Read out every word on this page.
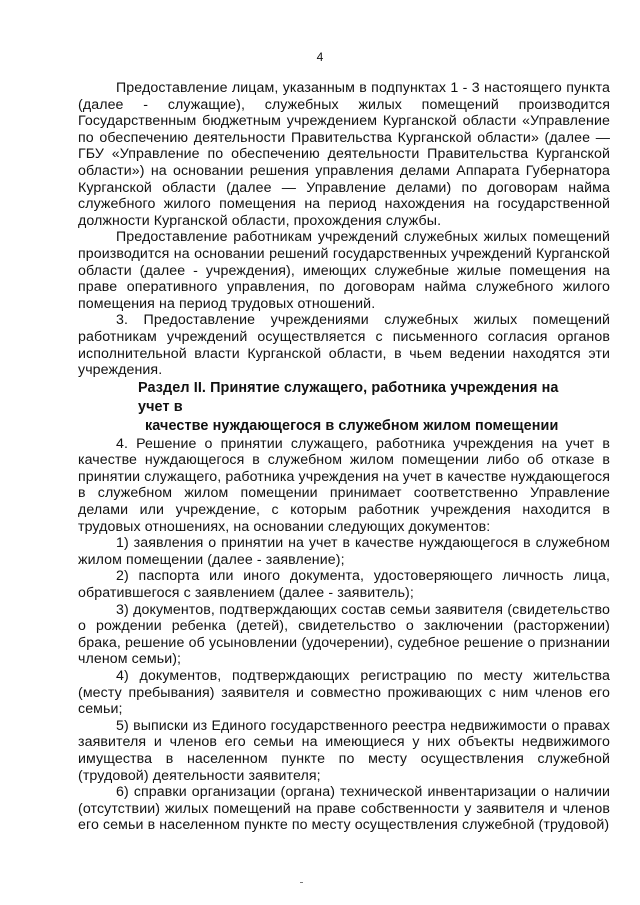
4

Предоставление лицам, указанным в подпунктах 1 - 3 настоящего пункта (далее - служащие), служебных жилых помещений производится Государственным бюджетным учреждением Курганской области «Управление по обеспечению деятельности Правительства Курганской области» (далее — ГБУ «Управление по обеспечению деятельности Правительства Курганской области») на основании решения управления делами Аппарата Губернатора Курганской области (далее — Управление делами) по договорам найма служебного жилого помещения на период нахождения на государственной должности Курганской области, прохождения службы.

Предоставление работникам учреждений служебных жилых помещений производится на основании решений государственных учреждений Курганской области (далее - учреждения), имеющих служебные жилые помещения на праве оперативного управления, по договорам найма служебного жилого помещения на период трудовых отношений.

3. Предоставление учреждениями служебных жилых помещений работникам учреждений осуществляется с письменного согласия органов исполнительной власти Курганской области, в чьем ведении находятся эти учреждения.

Раздел II. Принятие служащего, работника учреждения на учет в
качестве нуждающегося в служебном жилом помещении

4. Решение о принятии служащего, работника учреждения на учет в качестве нуждающегося в служебном жилом помещении либо об отказе в принятии служащего, работника учреждения на учет в качестве нуждающегося в служебном жилом помещении принимает соответственно Управление делами или учреждение, с которым работник учреждения находится в трудовых отношениях, на основании следующих документов:

1) заявления о принятии на учет в качестве нуждающегося в служебном жилом помещении (далее - заявление);

2) паспорта или иного документа, удостоверяющего личность лица, обратившегося с заявлением (далее - заявитель);

3) документов, подтверждающих состав семьи заявителя (свидетельство о рождении ребенка (детей), свидетельство о заключении (расторжении) брака, решение об усыновлении (удочерении), судебное решение о признании членом семьи);

4) документов, подтверждающих регистрацию по месту жительства (месту пребывания) заявителя и совместно проживающих с ним членов его семьи;

5) выписки из Единого государственного реестра недвижимости о правах заявителя и членов его семьи на имеющиеся у них объекты недвижимого имущества в населенном пункте по месту осуществления служебной (трудовой) деятельности заявителя;

6) справки организации (органа) технической инвентаризации о наличии (отсутствии) жилых помещений на праве собственности у заявителя и членов его семьи в населенном пункте по месту осуществления служебной (трудовой)
